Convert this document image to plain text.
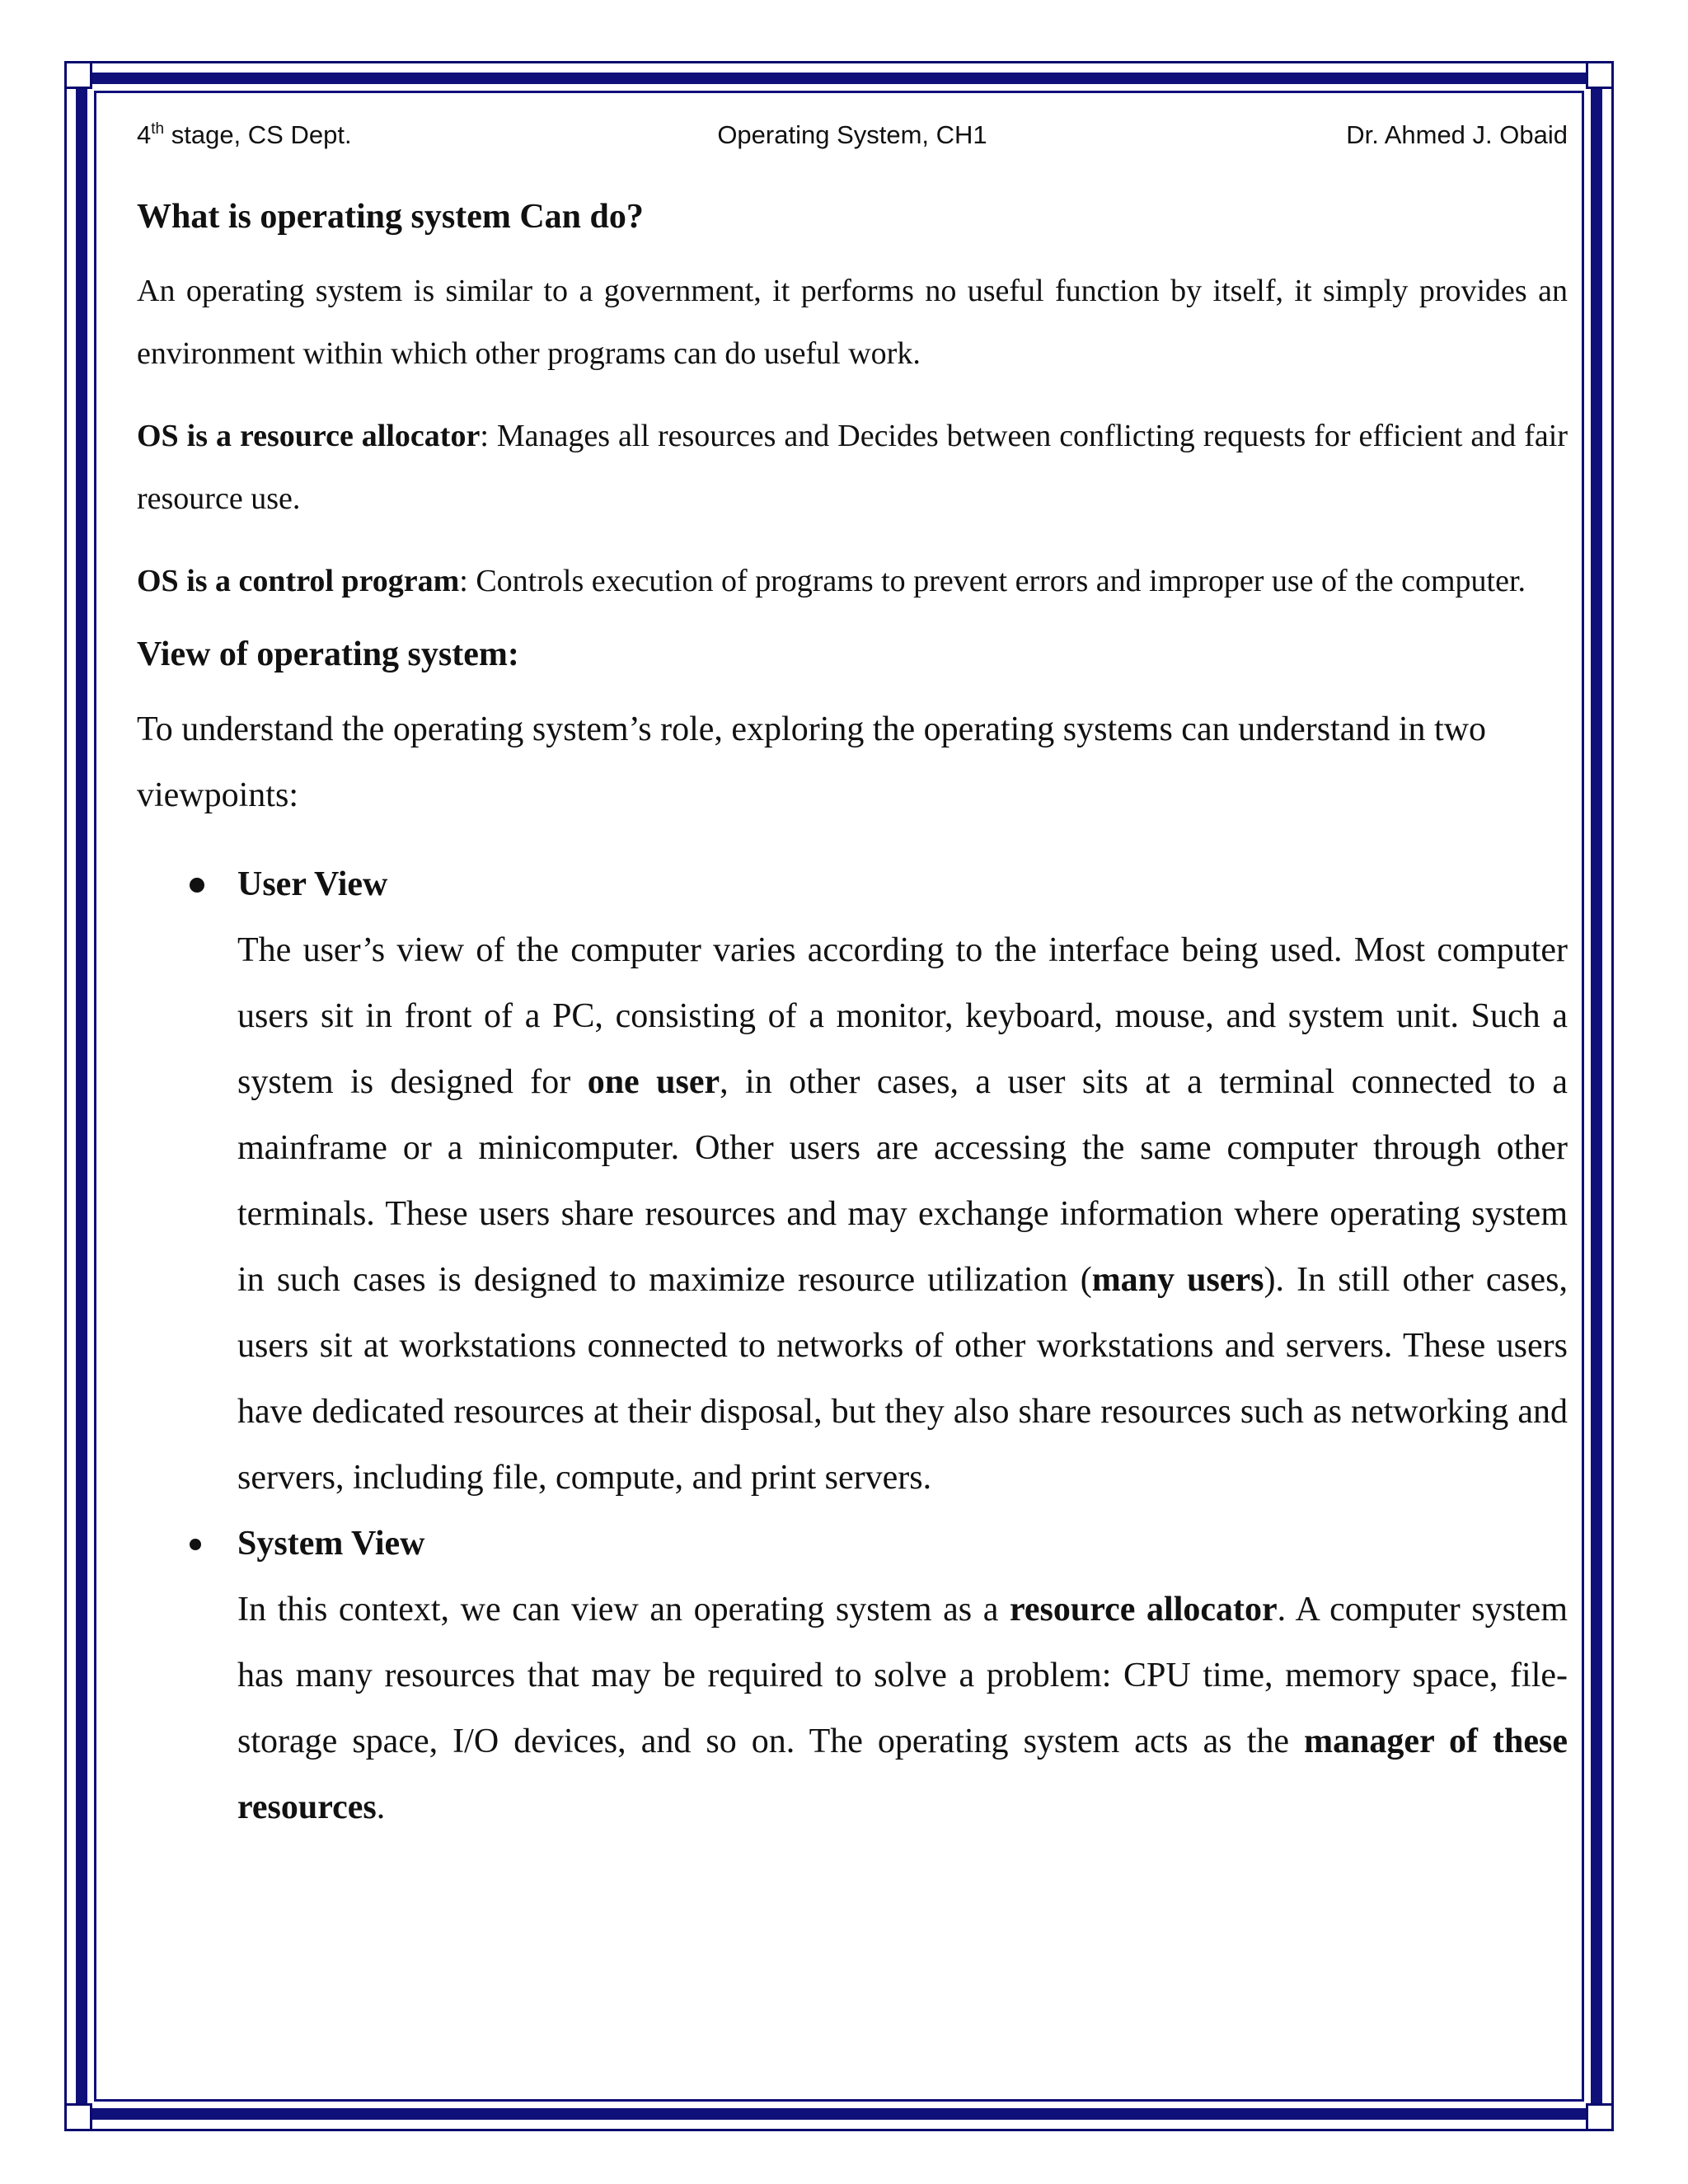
4th stage, CS Dept.	Operating System, CH1	Dr. Ahmed J. Obaid
What is operating system Can do?

An operating system is similar to a government, it performs no useful function by itself, it simply provides an environment within which other programs can do useful work.

OS is a resource allocator: Manages all resources and Decides between conflicting requests for efficient and fair resource use.

OS is a control program: Controls execution of programs to prevent errors and improper use of the computer.

View of operating system:

To understand the operating system’s role, exploring the operating systems can understand in two viewpoints:

User View
The user’s view of the computer varies according to the interface being used. Most computer users sit in front of a PC, consisting of a monitor, keyboard, mouse, and system unit. Such a system is designed for one user, in other cases, a user sits at a terminal connected to a mainframe or a minicomputer. Other users are accessing the same computer through other terminals. These users share resources and may exchange information where operating system in such cases is designed to maximize resource utilization (many users). In still other cases, users sit at workstations connected to networks of other workstations and servers. These users have dedicated resources at their disposal, but they also share resources such as networking and servers, including file, compute, and print servers.
System View
In this context, we can view an operating system as a resource allocator. A computer system has many resources that may be required to solve a problem: CPU time, memory space, file-storage space, I/O devices, and so on. The operating system acts as the manager of these resources.
